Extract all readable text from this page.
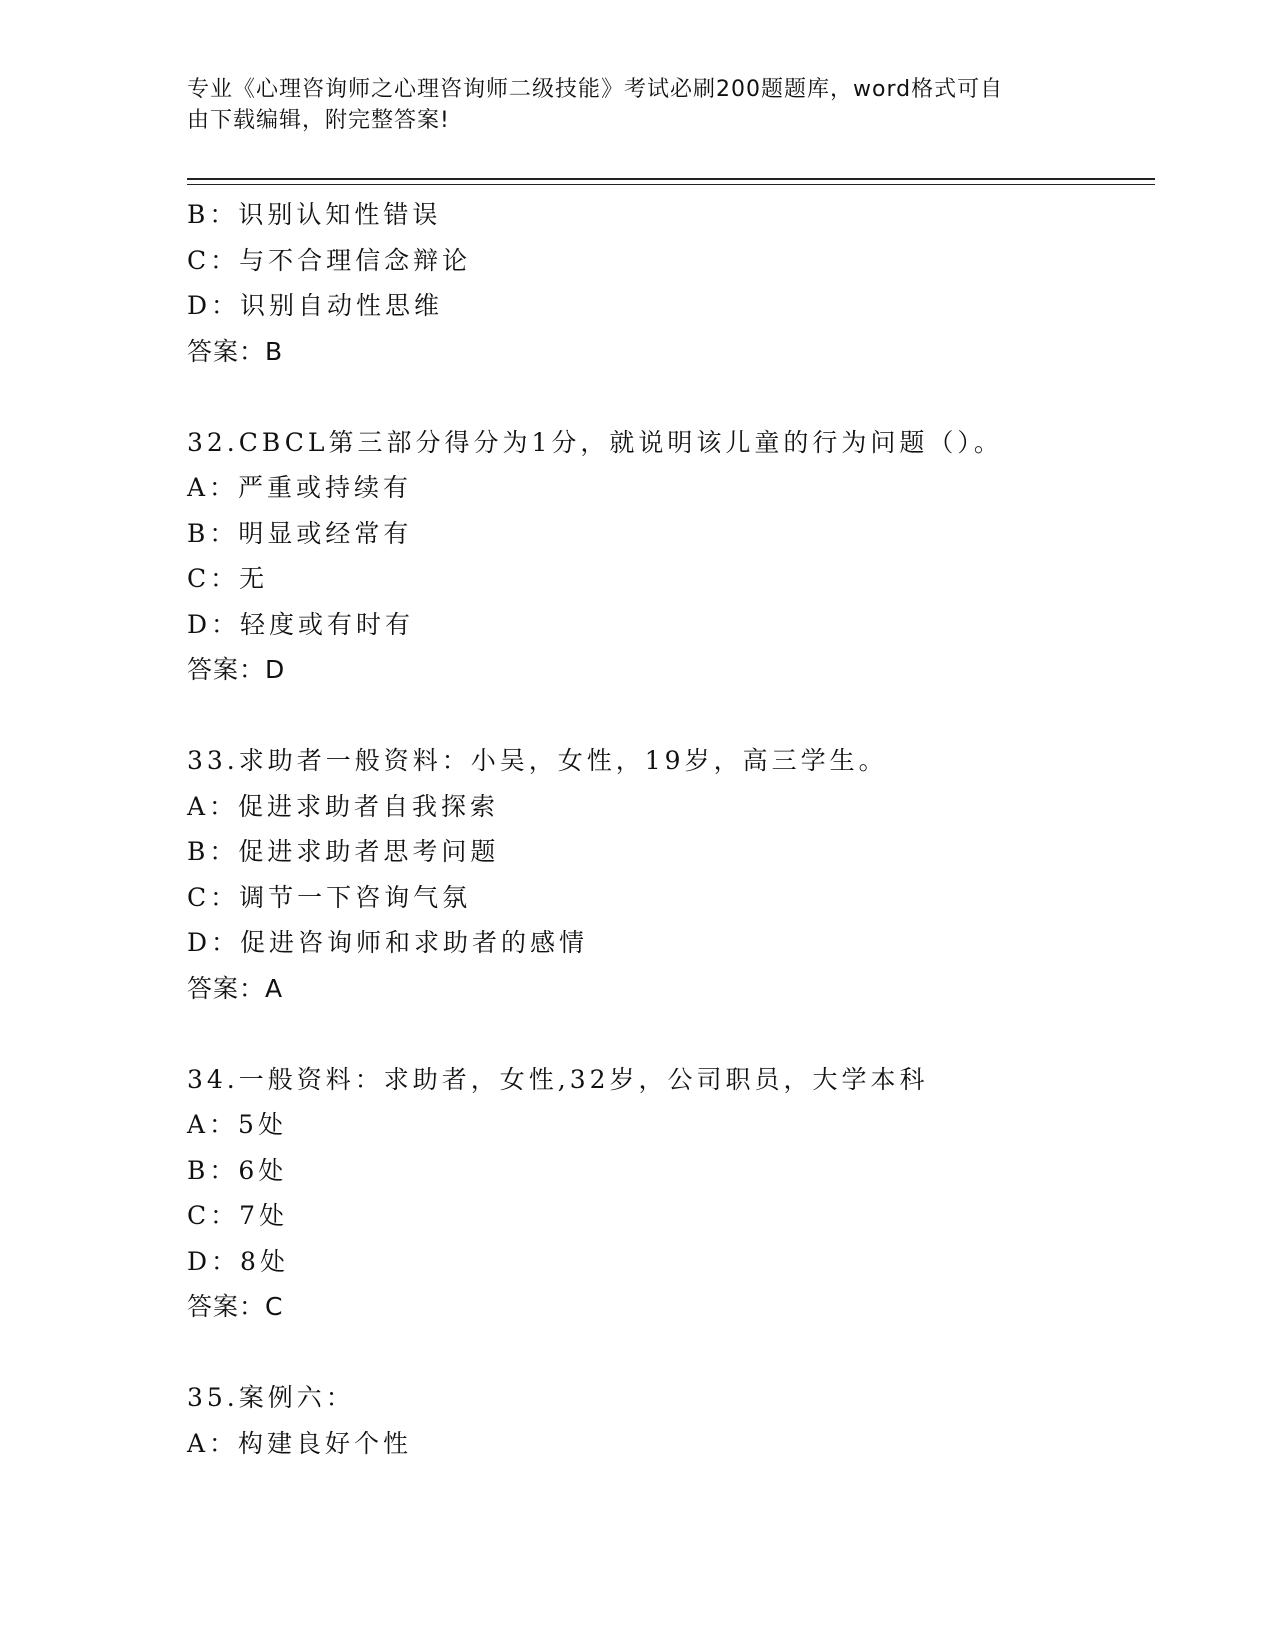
专业《心理咨询师之心理咨询师二级技能》考试必刷200题题库，word格式可自
由下载编辑，附完整答案!
B：识别认知性错误
C：与不合理信念辩论
D：识别自动性思维
答案：B
32.CBCL第三部分得分为1分，就说明该儿童的行为问题（）。
A：严重或持续有
B：明显或经常有
C：无
D：轻度或有时有
答案：D
33.求助者一般资料：小吴，女性，19岁，高三学生。
A：促进求助者自我探索
B：促进求助者思考问题
C：调节一下咨询气氛
D：促进咨询师和求助者的感情
答案：A
34.一般资料：求助者，女性,32岁，公司职员，大学本科
A：5处
B：6处
C：7处
D：8处
答案：C
35.案例六：
A：构建良好个性
